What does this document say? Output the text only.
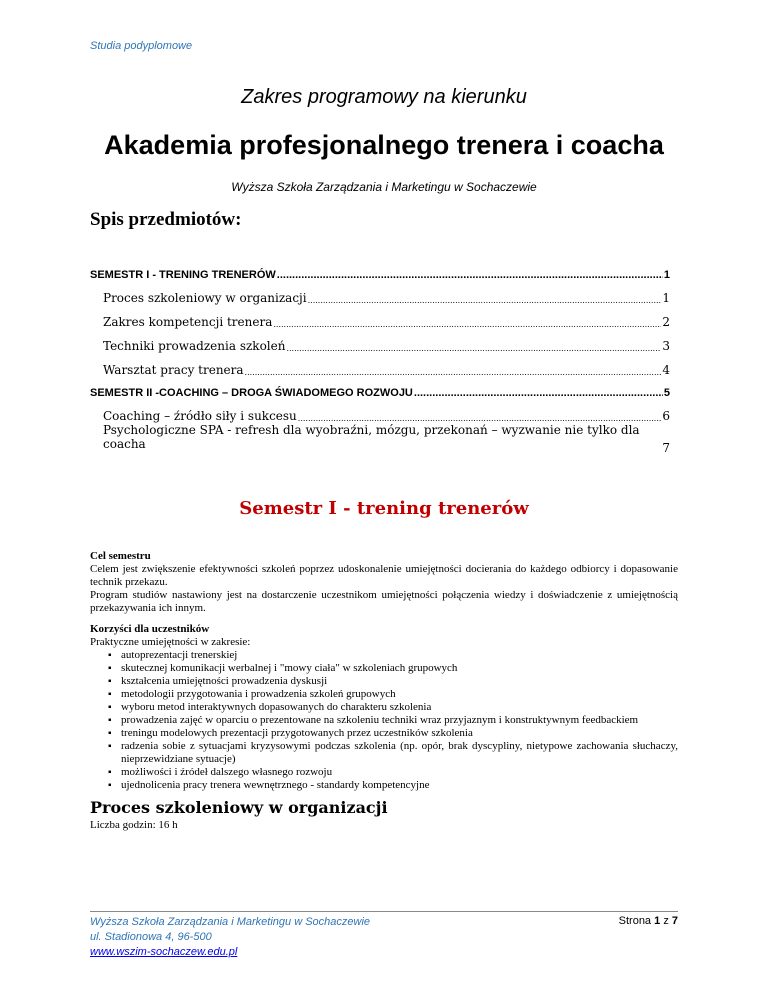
Studia podyplomowe
Zakres programowy na kierunku
Akademia profesjonalnego trenera i coacha
Wyższa Szkoła Zarządzania i Marketingu w Sochaczewie
Spis przedmiotów:
SEMESTR I - TRENING TRENERÓW .....	1
Proces szkoleniowy w organizacji .....	1
Zakres kompetencji trenera .....	2
Techniki prowadzenia szkoleń .....	3
Warsztat pracy trenera .....	4
SEMESTR II -COACHING – DROGA ŚWIADOMEGO ROZWOJU .....	5
Coaching – źródło siły i sukcesu .....	6
Psychologiczne SPA - refresh dla wyobraźni, mózgu, przekonań – wyzwanie nie tylko dla coacha	7
Semestr I - trening trenerów

Cel semestru

Celem jest zwiększenie efektywności szkoleń poprzez udoskonalenie umiejętności docierania do każdego odbiorcy i dopasowanie technik przekazu.

Program studiów nastawiony jest na dostarczenie uczestnikom umiejętności połączenia wiedzy i doświadczenie z umiejętnością przekazywania ich innym.

Korzyści dla uczestników

Praktyczne umiejętności w zakresie:

▪ autoprezentacji trenerskiej
▪ skutecznej komunikacji werbalnej i "mowy ciała" w szkoleniach grupowych
▪ kształcenia umiejętności prowadzenia dyskusji
▪ metodologii przygotowania i prowadzenia szkoleń grupowych
▪ wyboru metod interaktywnych dopasowanych do charakteru szkolenia
▪ prowadzenia zajęć w oparciu o prezentowane na szkoleniu techniki wraz przyjaznym i konstruktywnym feedbackiem
▪ treningu modelowych prezentacji przygotowanych przez uczestników szkolenia
▪ radzenia sobie z sytuacjami kryzysowymi podczas szkolenia (np. opór, brak dyscypliny, nietypowe zachowania słuchaczy, nieprzewidziane sytuacje)
▪ możliwości i źródeł dalszego własnego rozwoju
▪ ujednolicenia pracy trenera wewnętrznego - standardy kompetencyjne
Proces szkoleniowy w organizacji

Liczba godzin: 16 h

Wyższa Szkoła Zarządzania i Marketingu w Sochaczewie
ul. Stadionowa 4, 96-500
www.wszim-sochaczew.edu.pl
Strona 1 z 7
